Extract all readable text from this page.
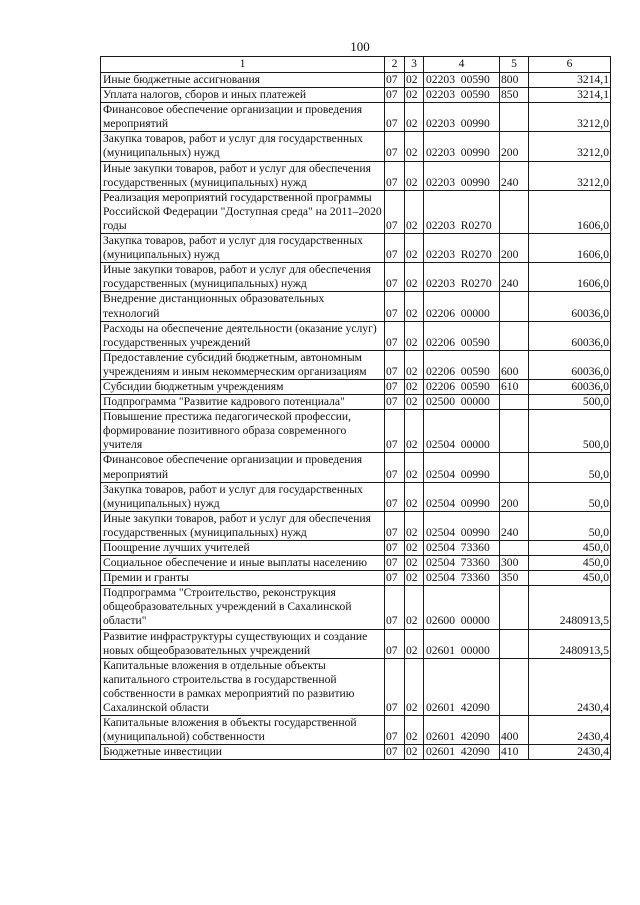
100
1	2	3	4	5	6
Иные бюджетные ассигнования	07	02	02203  00590	800	3214,1
Уплата налогов, сборов и иных платежей	07	02	02203  00590	850	3214,1
Финансовое обеспечение организации и проведения мероприятий	07	02	02203  00990		3212,0
Закупка товаров, работ и услуг для государственных (муниципальных) нужд	07	02	02203  00990	200	3212,0
Иные закупки товаров, работ и услуг для обеспечения государственных (муниципальных) нужд	07	02	02203  00990	240	3212,0
Реализация мероприятий государственной программы Российской Федерации "Доступная среда" на 2011–2020 годы	07	02	02203  R0270		1606,0
Закупка товаров, работ и услуг для государственных (муниципальных) нужд	07	02	02203  R0270	200	1606,0
Иные закупки товаров, работ и услуг для обеспечения государственных (муниципальных) нужд	07	02	02203  R0270	240	1606,0
Внедрение дистанционных образовательных технологий	07	02	02206  00000		60036,0
Расходы на обеспечение деятельности (оказание услуг) государственных учреждений	07	02	02206  00590		60036,0
Предоставление субсидий бюджетным, автономным учреждениям и иным некоммерческим организациям	07	02	02206  00590	600	60036,0
Субсидии бюджетным учреждениям	07	02	02206  00590	610	60036,0
Подпрограмма "Развитие кадрового потенциала"	07	02	02500  00000		500,0
Повышение престижа педагогической профессии, формирование позитивного образа современного учителя	07	02	02504  00000		500,0
Финансовое обеспечение организации и проведения мероприятий	07	02	02504  00990		50,0
Закупка товаров, работ и услуг для государственных (муниципальных) нужд	07	02	02504  00990	200	50,0
Иные закупки товаров, работ и услуг для обеспечения государственных (муниципальных) нужд	07	02	02504  00990	240	50,0
Поощрение лучших учителей	07	02	02504  73360		450,0
Социальное обеспечение и иные выплаты населению	07	02	02504  73360	300	450,0
Премии и гранты	07	02	02504  73360	350	450,0
Подпрограмма "Строительство, реконструкция общеобразовательных учреждений в Сахалинской области"	07	02	02600  00000		2480913,5
Развитие инфраструктуры существующих и создание новых общеобразовательных учреждений	07	02	02601  00000		2480913,5
Капитальные вложения в отдельные объекты капитального строительства в государственной собственности в рамках мероприятий по развитию Сахалинской области	07	02	02601  42090		2430,4
Капитальные вложения в объекты государственной (муниципальной) собственности	07	02	02601  42090	400	2430,4
Бюджетные инвестиции	07	02	02601  42090	410	2430,4
